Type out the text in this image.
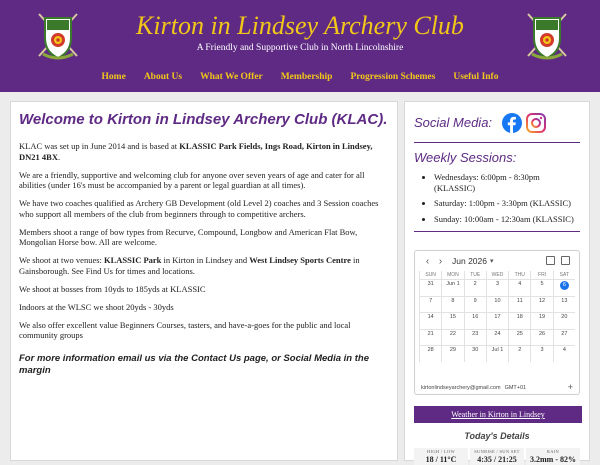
Kirton in Lindsey Archery Club
A Friendly and Supportive Club in North Lincolnshire
Home	About Us	What We Offer	Membership	Progression Schemes	Useful Info
Welcome to Kirton in Lindsey Archery Club (KLAC).

KLAC was set up in June 2014 and is based at KLASSIC Park Fields, Ings Road, Kirton in Lindsey, DN21 4BX.

We are a friendly, supportive and welcoming club for anyone over seven years of age and cater for all abilities (under 16's must be accompanied by a parent or legal guardian at all times).

We have two coaches qualified as Archery GB Development (old Level 2) coaches and 3 Session coaches who support all members of the club from beginners through to competitive archers.

Members shoot a range of bow types from Recurve, Compound, Longbow and American Flat Bow, Mongolian Horse bow. All are welcome.

We shoot at two venues: KLASSIC Park in Kirton in Lindsey and West Lindsey Sports Centre in Gainsborough. See Find Us for times and locations.

We shoot at bosses from 10yds to 185yds at KLASSIC

Indoors at the WLSC we shoot 20yds - 30yds

We also offer excellent value Beginners Courses, tasters, and have-a-goes for the public and local community groups

For more information email us via the Contact Us page, or Social Media in the margin

Social Media:
Weekly Sessions:
• Wednesdays: 6:00pm - 8:30pm (KLASSIC)
• Saturday: 1:00pm - 3:30pm (KLASSIC)
• Sunday: 10:00am - 12:30am (KLASSIC)
‹ ›	Jun 2026 ▾
SUN	MON	TUE	WED	THU	FRI	SAT
31	Jun 1	2	3	4	5	6
7	8	9	10	11	12	13
14	15	16	17	18	19	20
21	22	23	24	25	26	27
28	29	30	Jul 1	2	3	4
kirtonlindseyarchery@gmail.com GMT+01	+
Weather in Kirton in Lindsey
Today's Details
HIGH / LOW
18 / 11°C
SUNRISE / SUN SET
4:35 / 21:25
RAIN
3.2mm - 82%
